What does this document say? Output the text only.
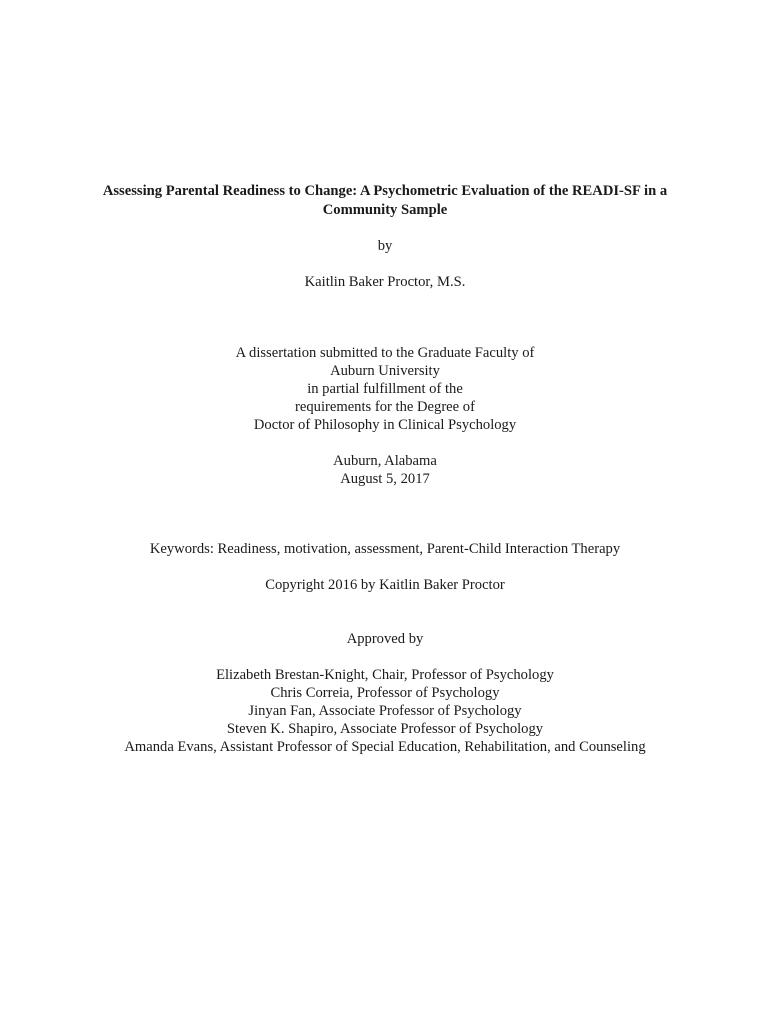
Assessing Parental Readiness to Change: A Psychometric Evaluation of the READI-SF in a
Community Sample
by
Kaitlin Baker Proctor, M.S.
A dissertation submitted to the Graduate Faculty of
Auburn University
in partial fulfillment of the
requirements for the Degree of
Doctor of Philosophy in Clinical Psychology
Auburn, Alabama
August 5, 2017
Keywords: Readiness, motivation, assessment, Parent-Child Interaction Therapy
Copyright 2016 by Kaitlin Baker Proctor
Approved by
Elizabeth Brestan-Knight, Chair, Professor of Psychology
Chris Correia, Professor of Psychology
Jinyan Fan, Associate Professor of Psychology
Steven K. Shapiro, Associate Professor of Psychology
Amanda Evans, Assistant Professor of Special Education, Rehabilitation, and Counseling
